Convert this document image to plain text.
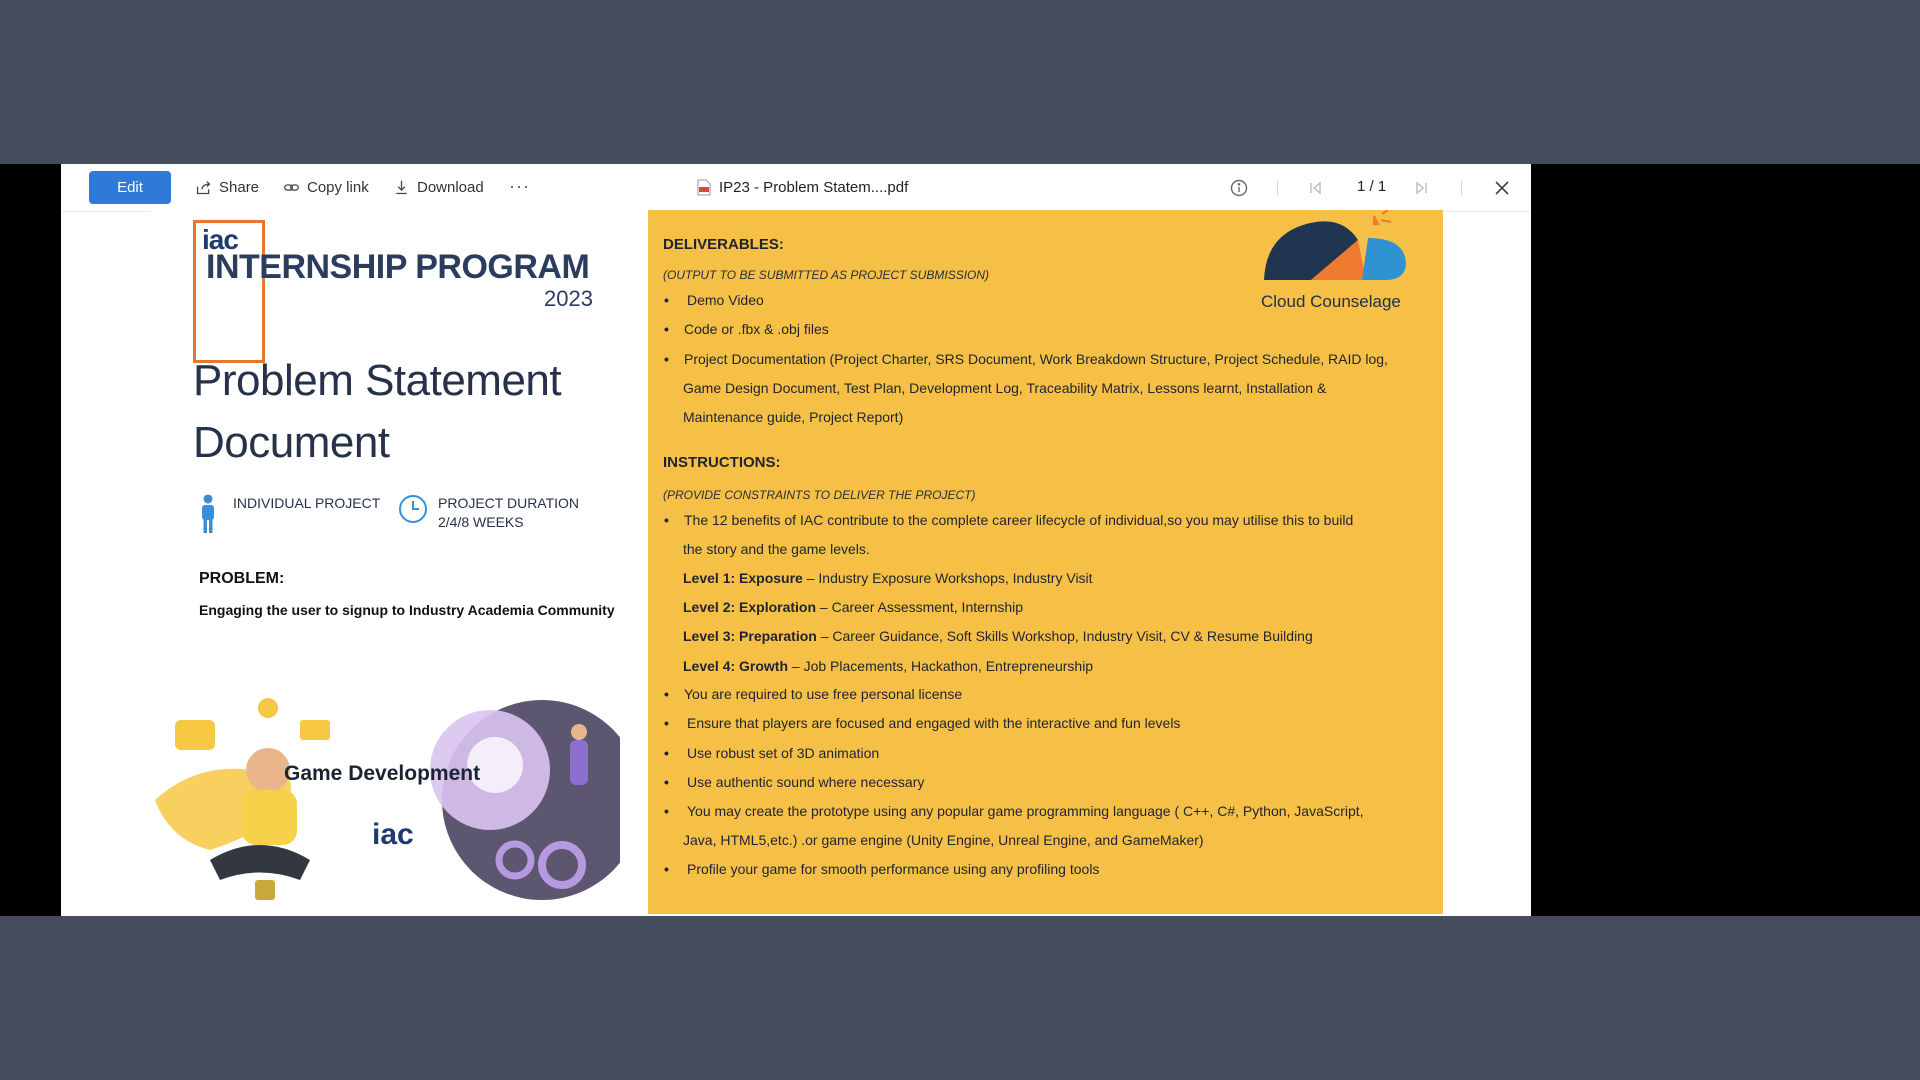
Edit	Share	Copy link	Download ···	IP23 - Problem Statem....pdf	1 / 1
iac
INTERNSHIP PROGRAM
2023
Problem Statement Document
INDIVIDUAL PROJECT	PROJECT DURATION
2/4/8 WEEKS
PROBLEM:
Engaging the user to signup to Industry Academia Community
iac
Game Development
Cloud Counselage
DELIVERABLES:
(OUTPUT TO BE SUBMITTED AS PROJECT SUBMISSION)
• Demo Video
• Code or .fbx & .obj files
• Project Documentation (Project Charter, SRS Document, Work Breakdown Structure, Project Schedule, RAID log,
Game Design Document, Test Plan, Development Log, Traceability Matrix, Lessons learnt, Installation &
Maintenance guide, Project Report)
INSTRUCTIONS:
(PROVIDE CONSTRAINTS TO DELIVER THE PROJECT)
• The 12 benefits of IAC contribute to the complete career lifecycle of individual,so you may utilise this to build
the story and the game levels.
Level 1: Exposure – Industry Exposure Workshops, Industry Visit
Level 2: Exploration – Career Assessment, Internship
Level 3: Preparation – Career Guidance, Soft Skills Workshop, Industry Visit, CV & Resume Building
Level 4: Growth – Job Placements, Hackathon, Entrepreneurship
• You are required to use free personal license
• Ensure that players are focused and engaged with the interactive and fun levels
• Use robust set of 3D animation
• Use authentic sound where necessary
• You may create the prototype using any popular game programming language ( C++, C#, Python, JavaScript,
Java, HTML5,etc.) .or game engine (Unity Engine, Unreal Engine, and GameMaker)
• Profile your game for smooth performance using any profiling tools
